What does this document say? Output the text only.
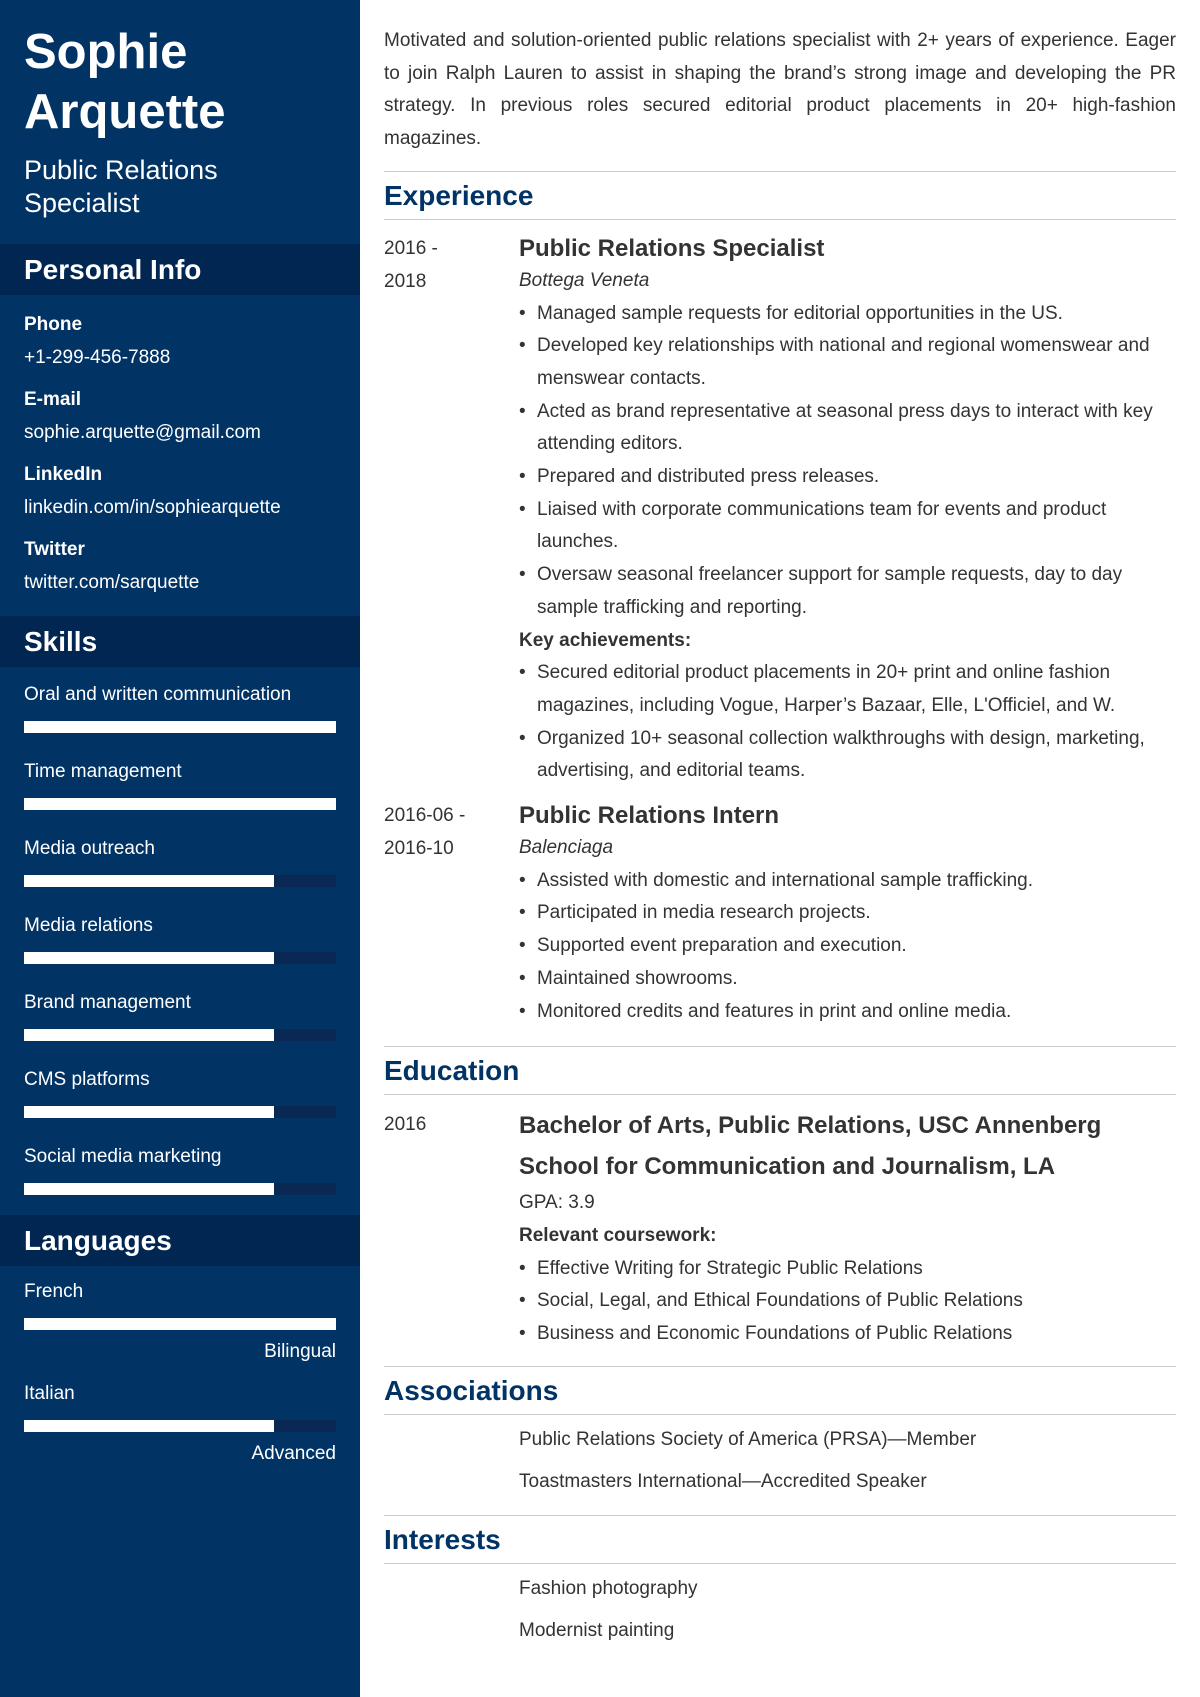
Sophie
Arquette
Public Relations
Specialist
Personal Info
Phone
+1-299-456-7888
E-mail
sophie.arquette@gmail.com
LinkedIn
linkedin.com/in/sophiearquette
Twitter
twitter.com/sarquette
Skills
Oral and written communication
Time management
Media outreach
Media relations
Brand management
CMS platforms
Social media marketing
Languages
French
Bilingual
Italian
Advanced

Motivated and solution-oriented public relations specialist with 2+ years of experience. Eager to join Ralph Lauren to assist in shaping the brand’s strong image and developing the PR strategy. In previous roles secured editorial product placements in 20+ high-fashion magazines.

Experience
2016 -
2018
Public Relations Specialist
Bottega Veneta
• Managed sample requests for editorial opportunities in the US.
• Developed key relationships with national and regional womenswear and menswear contacts.
• Acted as brand representative at seasonal press days to interact with key attending editors.
• Prepared and distributed press releases.
• Liaised with corporate communications team for events and product launches.
• Oversaw seasonal freelancer support for sample requests, day to day sample trafficking and reporting.
Key achievements:
• Secured editorial product placements in 20+ print and online fashion magazines, including Vogue, Harper’s Bazaar, Elle, L'Officiel, and W.
• Organized 10+ seasonal collection walkthroughs with design, marketing, advertising, and editorial teams.
2016-06 -
2016-10
Public Relations Intern
Balenciaga
• Assisted with domestic and international sample trafficking.
• Participated in media research projects.
• Supported event preparation and execution.
• Maintained showrooms.
• Monitored credits and features in print and online media.
Education
2016	Bachelor of Arts, Public Relations, USC Annenberg School for Communication and Journalism, LA
GPA: 3.9
Relevant coursework:
• Effective Writing for Strategic Public Relations
• Social, Legal, and Ethical Foundations of Public Relations
• Business and Economic Foundations of Public Relations
Associations
Public Relations Society of America (PRSA)—Member
Toastmasters International—Accredited Speaker
Interests
Fashion photography
Modernist painting
